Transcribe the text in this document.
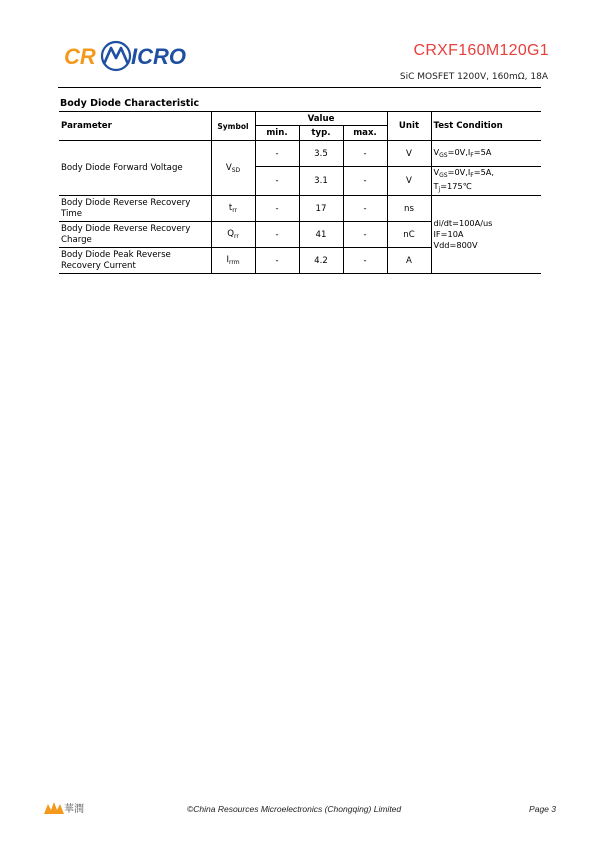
CR ICRO	CRXF160M120G1
SiC MOSFET 1200V, 160mΩ, 18A
Body Diode Characteristic
Parameter	Symbol	Value			Unit	Test Condition
		min.	typ.	max.		
Body Diode Forward Voltage	$V_{SD}$	-	3.5	-	V	$V_{GS}=0V,I_F=5A$
		-	3.1	-	V	$V_{GS}=0V,I_F=5A$,
$T_j=175℃$
Body Diode Reverse Recovery
Time	$t_{rr}$	-	17	-	ns	di/dt=100A/us
IF=10A
Vdd=800V
Body Diode Reverse Recovery
Charge	$Q_{rr}$	-	41	-	nC	
Body Diode Peak Reverse
Recovery Current	$I_{rrm}$	-	4.2	-	A	
華潤	©China Resources Microelectronics (Chongqing) Limited	Page 3
